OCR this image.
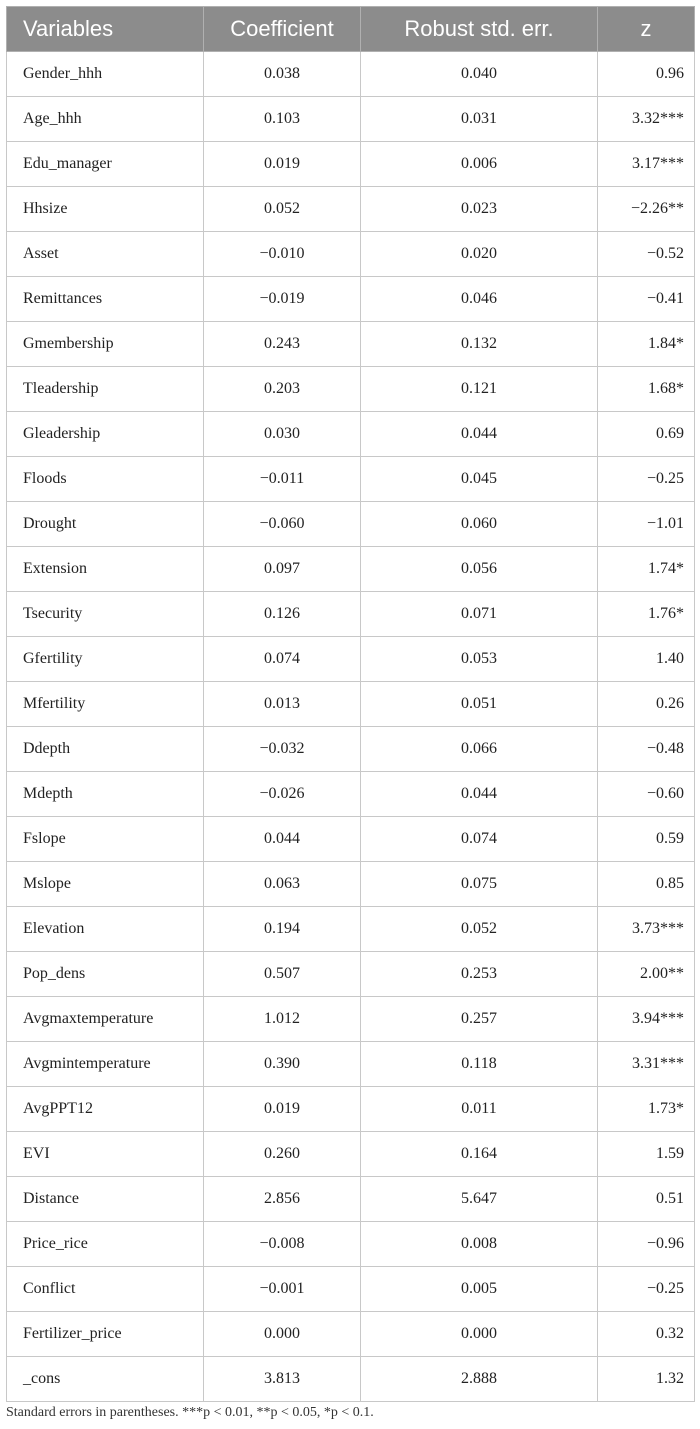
Variables	Coefficient	Robust std. err.	z
Gender_hhh	0.038	0.040	0.96
Age_hhh	0.103	0.031	3.32***
Edu_manager	0.019	0.006	3.17***
Hhsize	0.052	0.023	−2.26**
Asset	−0.010	0.020	−0.52
Remittances	−0.019	0.046	−0.41
Gmembership	0.243	0.132	1.84*
Tleadership	0.203	0.121	1.68*
Gleadership	0.030	0.044	0.69
Floods	−0.011	0.045	−0.25
Drought	−0.060	0.060	−1.01
Extension	0.097	0.056	1.74*
Tsecurity	0.126	0.071	1.76*
Gfertility	0.074	0.053	1.40
Mfertility	0.013	0.051	0.26
Ddepth	−0.032	0.066	−0.48
Mdepth	−0.026	0.044	−0.60
Fslope	0.044	0.074	0.59
Mslope	0.063	0.075	0.85
Elevation	0.194	0.052	3.73***
Pop_dens	0.507	0.253	2.00**
Avgmaxtemperature	1.012	0.257	3.94***
Avgmintemperature	0.390	0.118	3.31***
AvgPPT12	0.019	0.011	1.73*
EVI	0.260	0.164	1.59
Distance	2.856	5.647	0.51
Price_rice	−0.008	0.008	−0.96
Conflict	−0.001	0.005	−0.25
Fertilizer_price	0.000	0.000	0.32
_cons	3.813	2.888	1.32
Standard errors in parentheses. ***p < 0.01, **p < 0.05, *p < 0.1.
